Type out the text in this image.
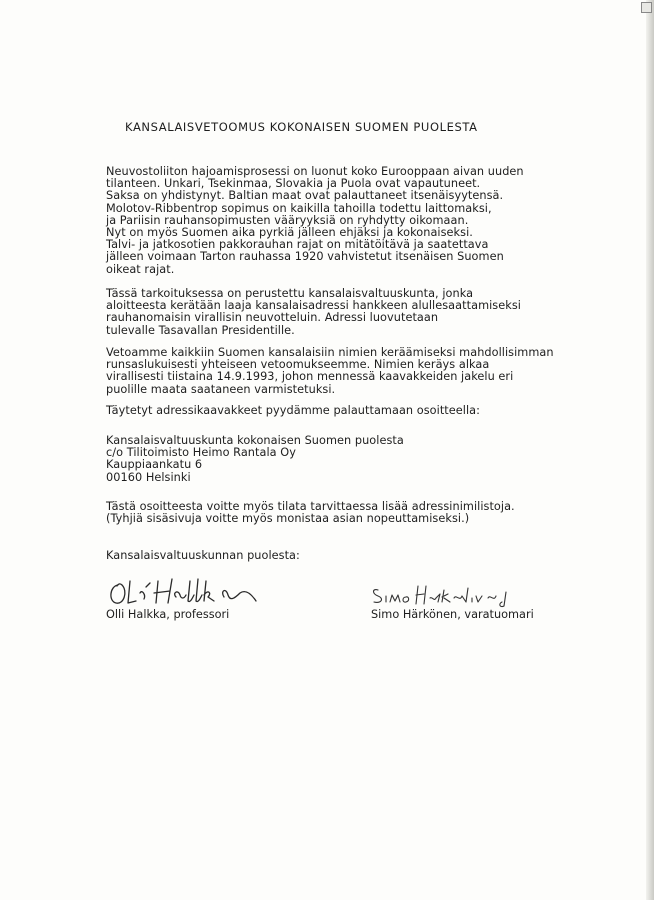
KANSALAISVETOOMUS KOKONAISEN SUOMEN PUOLESTA
Neuvostoliiton hajoamisprosessi on luonut koko Eurooppaan aivan uuden
tilanteen. Unkari, Tsekinmaa, Slovakia ja Puola ovat vapautuneet.
Saksa on yhdistynyt. Baltian maat ovat palauttaneet itsenäisyytensä.
Molotov-Ribbentrop sopimus on kaikilla tahoilla todettu laittomaksi,
ja Pariisin rauhansopimusten vääryyksiä on ryhdytty oikomaan.
Nyt on myös Suomen aika pyrkiä jälleen ehjäksi ja kokonaiseksi.
Talvi- ja jatkosotien pakkorauhan rajat on mitätöitävä ja saatettava
jälleen voimaan Tarton rauhassa 1920 vahvistetut itsenäisen Suomen
oikeat rajat.
Tässä tarkoituksessa on perustettu kansalaisvaltuuskunta, jonka
aloitteesta kerätään laaja kansalaisadressi hankkeen alullesaattamiseksi
rauhanomaisin virallisin neuvotteluin. Adressi luovutetaan
tulevalle Tasavallan Presidentille.
Vetoamme kaikkiin Suomen kansalaisiin nimien keräämiseksi mahdollisimman
runsaslukuisesti yhteiseen vetoomukseemme. Nimien keräys alkaa
virallisesti tiistaina 14.9.1993, johon mennessä kaavakkeiden jakelu eri
puolille maata saataneen varmistetuksi.
Täytetyt adressikaavakkeet pyydämme palauttamaan osoitteella:
Kansalaisvaltuuskunta kokonaisen Suomen puolesta
c/o Tilitoimisto Heimo Rantala Oy
Kauppiaankatu 6
00160 Helsinki
Tästä osoitteesta voitte myös tilata tarvittaessa lisää adressinimilistoja.
(Tyhjiä sisäsivuja voitte myös monistaa asian nopeuttamiseksi.)
Kansalaisvaltuuskunnan puolesta:
Olli Halkka, professori	Simo Härkönen, varatuomari
